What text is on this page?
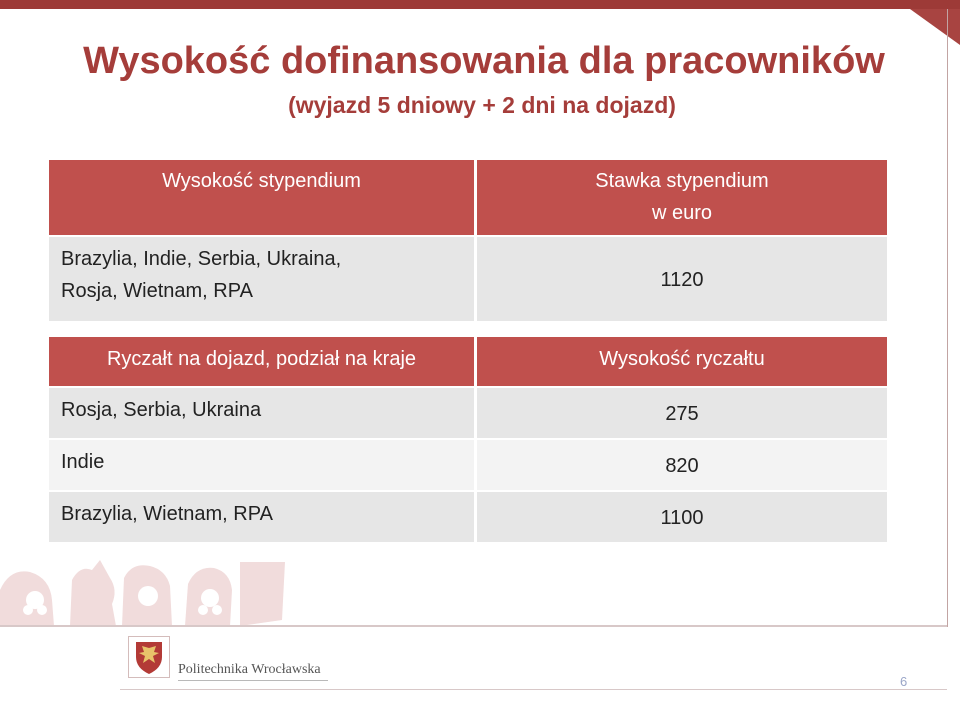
Wysokość dofinansowania dla pracowników
(wyjazd 5 dniowy + 2 dni na dojazd)
Wysokość stypendium	Stawka stypendium
w euro
Brazylia, Indie, Serbia, Ukraina,
Rosja, Wietnam, RPA	1120
Ryczałt na dojazd, podział na kraje	Wysokość ryczałtu
Rosja, Serbia, Ukraina	275
Indie	820
Brazylia, Wietnam, RPA	1100
Politechnika Wrocławska
6
